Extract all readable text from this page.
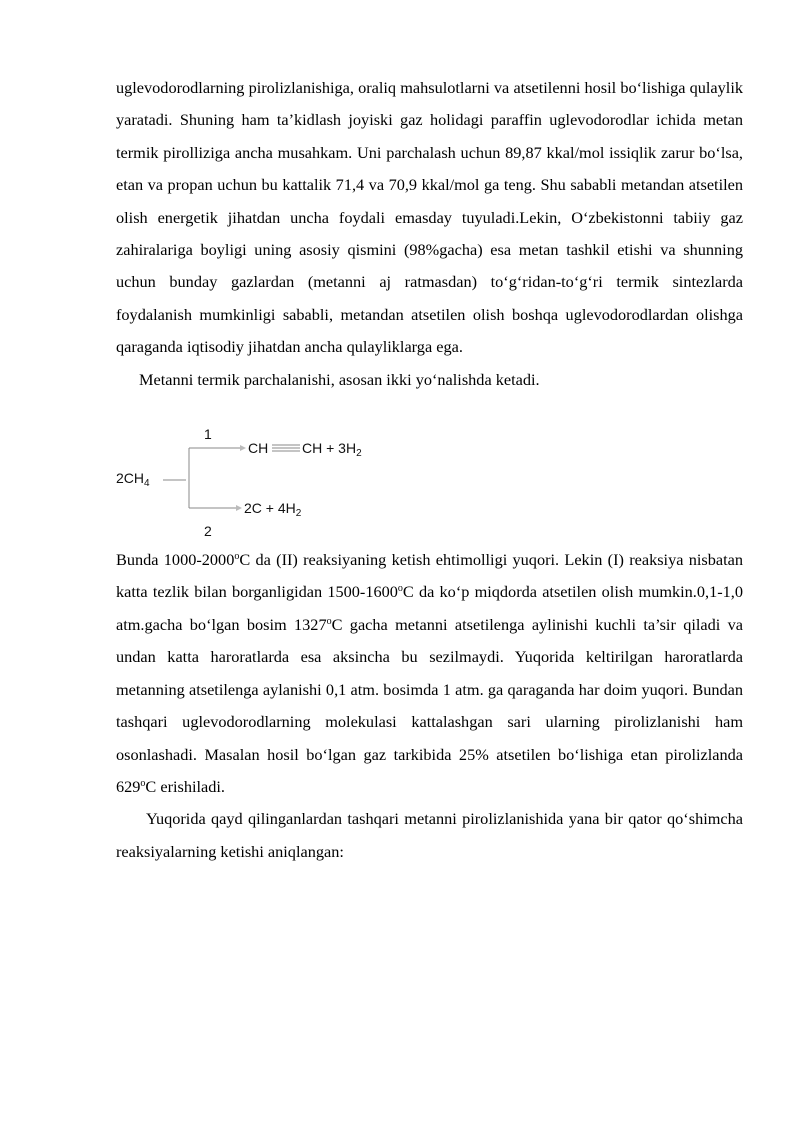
uglevodorodlarning pirolizlanishiga, oraliq mahsulotlarni va atsetilenni hosil bo‘lishiga qulaylik yaratadi. Shuning ham ta’kidlash joyiski gaz holidagi paraffin uglevodorodlar ichida metan termik pirolliziga ancha musahkam. Uni parchalash uchun 89,87 kkal/mol issiqlik zarur bo‘lsa, etan va propan uchun bu kattalik 71,4 va 70,9 kkal/mol ga teng. Shu sababli metandan atsetilen olish energetik jihatdan uncha foydali emasday tuyuladi.Lekin, O‘zbekistonni tabiiy gaz zahiralariga boyligi uning asosiy qismini (98%gacha) esa metan tashkil etishi va shunning uchun bunday gazlardan (metanni aj ratmasdan) to‘g‘ridan-to‘g‘ri termik sintezlarda foydalanish mumkinligi sababli, metandan atsetilen olish boshqa uglevodorodlardan olishga qaraganda iqtisodiy jihatdan ancha qulayliklarga ega.

Metanni termik parchalanishi, asosan ikki yo‘nalishda ketadi.

$2CH_4$
1
CH CH + $3H_2$
2
$2C + 4H_2$

Bunda 1000-2000$^o$C da (II) reaksiyaning ketish ehtimolligi yuqori. Lekin (I) reaksiya nisbatan katta tezlik bilan borganligidan 1500-1600$^o$C da ko‘p miqdorda atsetilen olish mumkin.0,1-1,0 atm.gacha bo‘lgan bosim 1327$^o$C gacha metanni atsetilenga aylinishi kuchli ta’sir qiladi va undan katta haroratlarda esa aksincha bu sezilmaydi. Yuqorida keltirilgan haroratlarda metanning atsetilenga aylanishi 0,1 atm. bosimda 1 atm. ga qaraganda har doim yuqori. Bundan tashqari uglevodorodlarning molekulasi kattalashgan sari ularning pirolizlanishi ham osonlashadi. Masalan hosil bo‘lgan gaz tarkibida 25% atsetilen bo‘lishiga etan pirolizlanda 629$^o$C erishiladi.

Yuqorida qayd qilinganlardan tashqari metanni pirolizlanishida yana bir qator qo‘shimcha reaksiyalarning ketishi aniqlangan:
